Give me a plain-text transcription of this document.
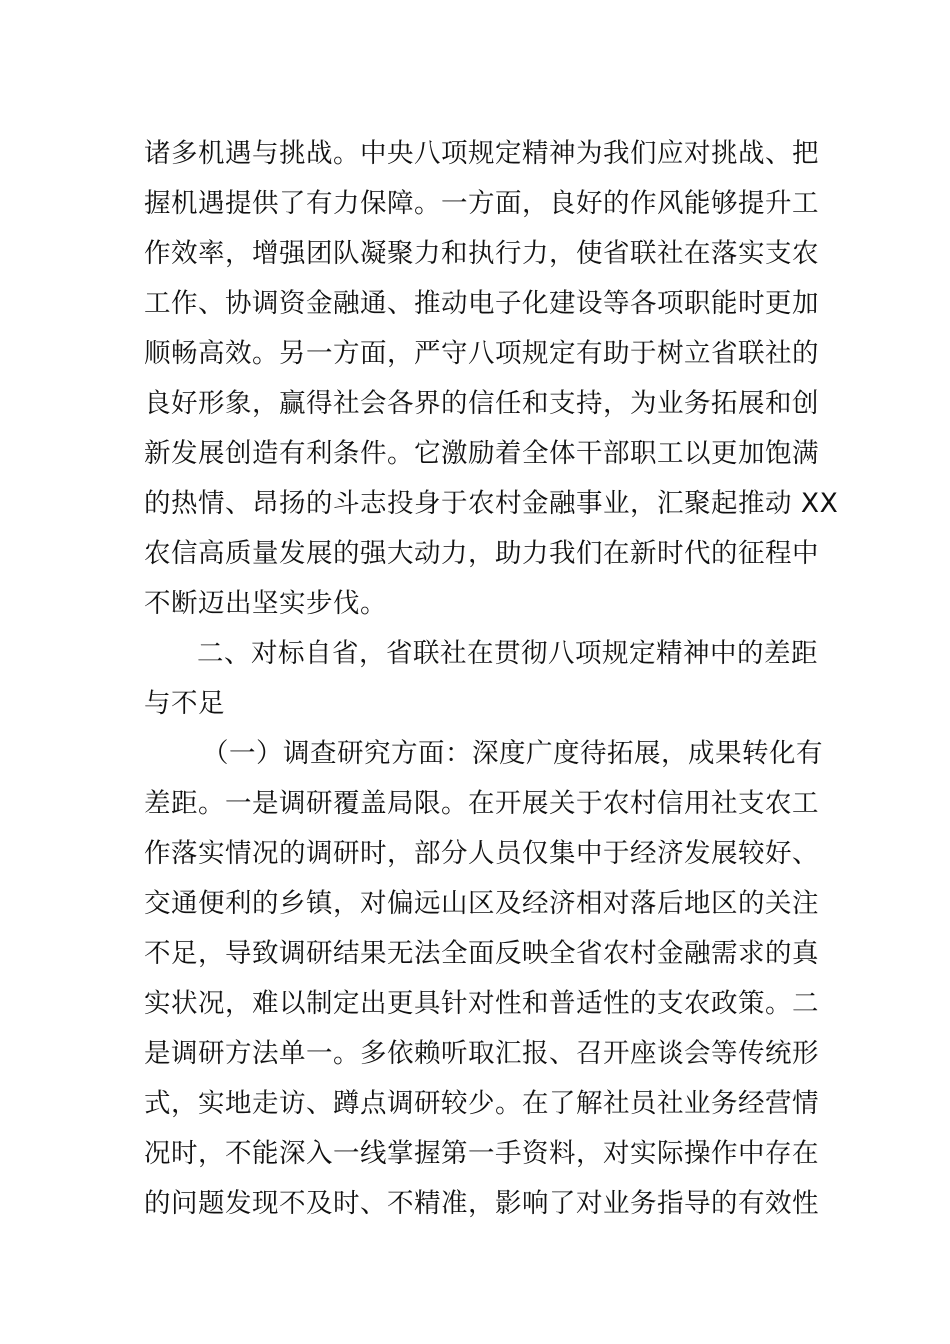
诸多机遇与挑战。中央八项规定精神为我们应对挑战、把
握机遇提供了有力保障。一方面，良好的作风能够提升工
作效率，增强团队凝聚力和执行力，使省联社在落实支农
工作、协调资金融通、推动电子化建设等各项职能时更加
顺畅高效。另一方面，严守八项规定有助于树立省联社的
良好形象，赢得社会各界的信任和支持，为业务拓展和创
新发展创造有利条件。它激励着全体干部职工以更加饱满
的热情、昂扬的斗志投身于农村金融事业，汇聚起推动 XX
农信高质量发展的强大动力，助力我们在新时代的征程中
不断迈出坚实步伐。
二、对标自省，省联社在贯彻八项规定精神中的差距
与不足
（一）调查研究方面：深度广度待拓展，成果转化有
差距。一是调研覆盖局限。在开展关于农村信用社支农工
作落实情况的调研时，部分人员仅集中于经济发展较好、
交通便利的乡镇，对偏远山区及经济相对落后地区的关注
不足，导致调研结果无法全面反映全省农村金融需求的真
实状况，难以制定出更具针对性和普适性的支农政策。二
是调研方法单一。多依赖听取汇报、召开座谈会等传统形
式，实地走访、蹲点调研较少。在了解社员社业务经营情
况时，不能深入一线掌握第一手资料，对实际操作中存在
的问题发现不及时、不精准，影响了对业务指导的有效性
